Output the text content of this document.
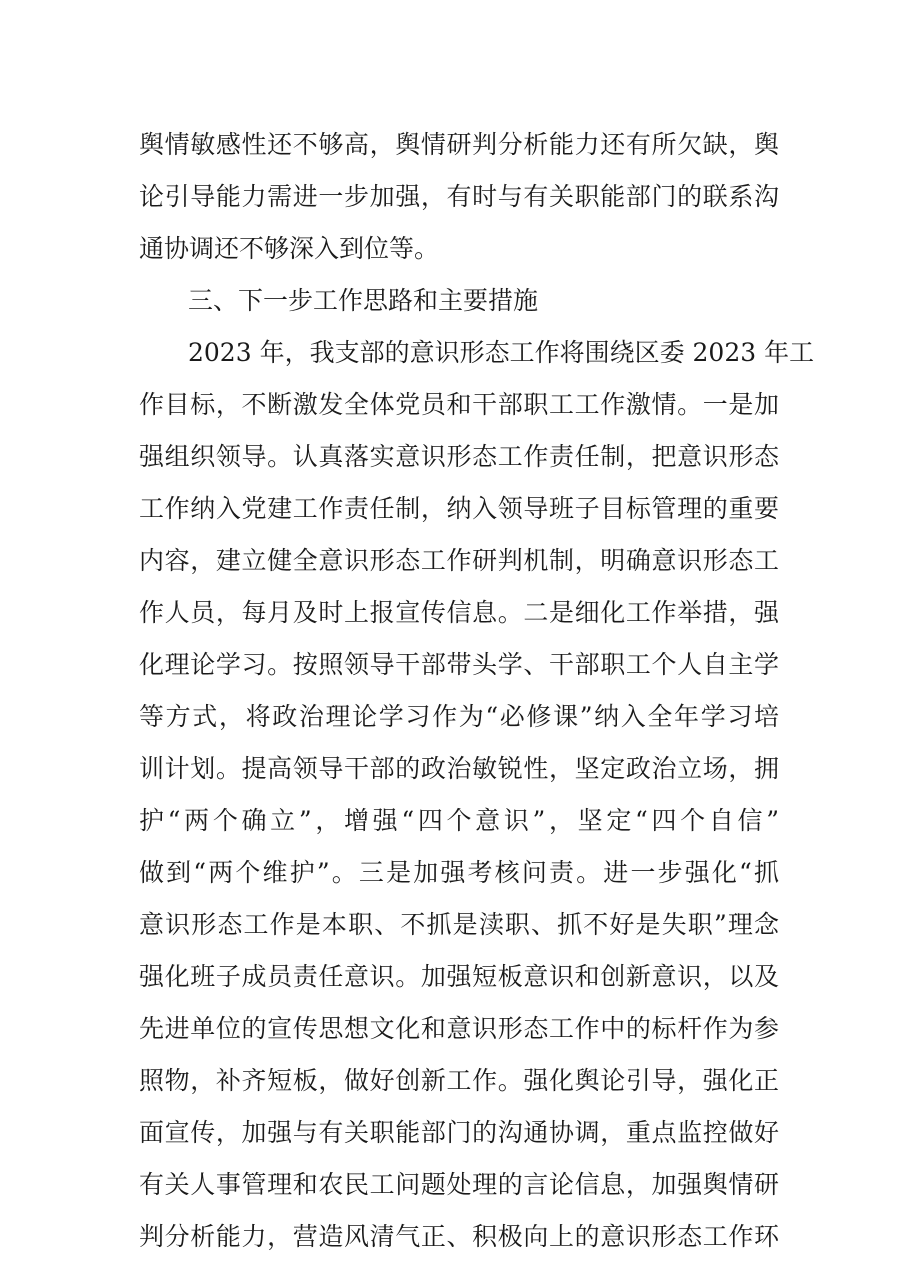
舆情敏感性还不够高，舆情研判分析能力还有所欠缺，舆
论引导能力需进一步加强，有时与有关职能部门的联系沟
通协调还不够深入到位等。
三、下一步工作思路和主要措施
2023 年，我支部的意识形态工作将围绕区委 2023 年工
作目标，不断激发全体党员和干部职工工作激情。一是加
强组织领导。认真落实意识形态工作责任制，把意识形态
工作纳入党建工作责任制，纳入领导班子目标管理的重要
内容，建立健全意识形态工作研判机制，明确意识形态工
作人员，每月及时上报宣传信息。二是细化工作举措，强
化理论学习。按照领导干部带头学、干部职工个人自主学
等方式，将政治理论学习作为“必修课”纳入全年学习培
训计划。提高领导干部的政治敏锐性，坚定政治立场，拥
护“两个确立”，增强“四个意识”，坚定“四个自信”
做到“两个维护”。三是加强考核问责。进一步强化“抓
意识形态工作是本职、不抓是渎职、抓不好是失职”理念
强化班子成员责任意识。加强短板意识和创新意识，以及
先进单位的宣传思想文化和意识形态工作中的标杆作为参
照物，补齐短板，做好创新工作。强化舆论引导，强化正
面宣传，加强与有关职能部门的沟通协调，重点监控做好
有关人事管理和农民工问题处理的言论信息，加强舆情研
判分析能力，营造风清气正、积极向上的意识形态工作环
